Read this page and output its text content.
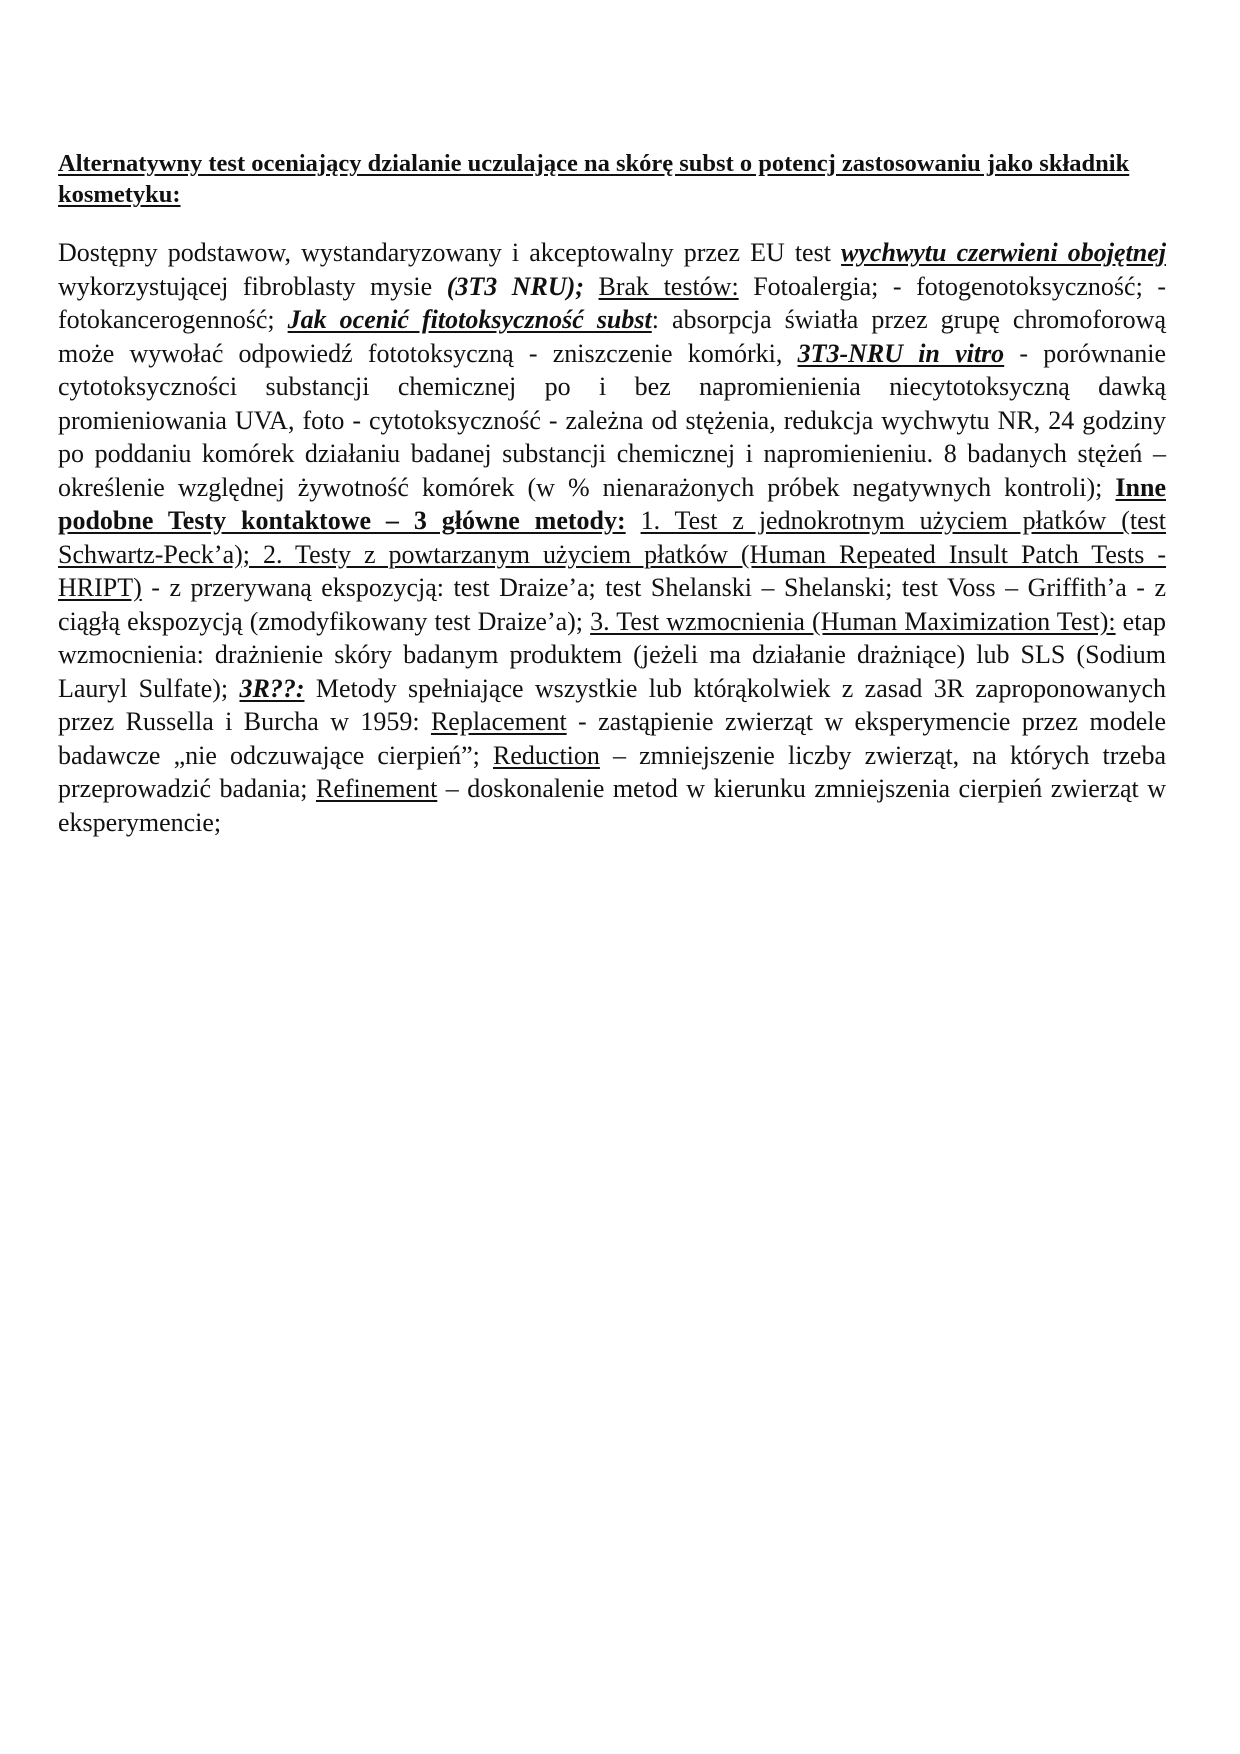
Alternatywny test oceniający dzialanie uczulające na skórę subst o potencj zastosowaniu jako składnik kosmetyku:

Dostępny podstawow, wystandaryzowany i akceptowalny przez EU test wychwytu czerwieni obojętnej wykorzystującej fibroblasty mysie (3T3 NRU); Brak testów: Fotoalergia; - fotogenotoksyczność; - fotokancerogenność; Jak ocenić fitotoksyczność subst: absorpcja światła przez grupę chromoforową może wywołać odpowiedź fototoksyczną - zniszczenie komórki, 3T3-NRU in vitro - porównanie cytotoksyczności substancji chemicznej po i bez napromienienia niecytotoksyczną dawką promieniowania UVA, foto - cytotoksyczność - zależna od stężenia, redukcja wychwytu NR, 24 godziny po poddaniu komórek działaniu badanej substancji chemicznej i napromienieniu. 8 badanych stężeń – określenie względnej żywotność komórek (w % nienarażonych próbek negatywnych kontroli); Inne podobne Testy kontaktowe – 3 główne metody: 1. Test z jednokrotnym użyciem płatków (test Schwartz-Peck’a); 2. Testy z powtarzanym użyciem płatków (Human Repeated Insult Patch Tests - HRIPT) - z przerywaną ekspozycją: test Draize’a; test Shelanski – Shelanski; test Voss – Griffith’a - z ciągłą ekspozycją (zmodyfikowany test Draize’a); 3. Test wzmocnienia (Human Maximization Test): etap wzmocnienia: drażnienie skóry badanym produktem (jeżeli ma działanie drażniące) lub SLS (Sodium Lauryl Sulfate); 3R??: Metody spełniające wszystkie lub którąkolwiek z zasad 3R zaproponowanych przez Russella i Burcha w 1959: Replacement - zastąpienie zwierząt w eksperymencie przez modele badawcze „nie odczuwające cierpień”; Reduction – zmniejszenie liczby zwierząt, na których trzeba przeprowadzić badania; Refinement – doskonalenie metod w kierunku zmniejszenia cierpień zwierząt w eksperymencie;
